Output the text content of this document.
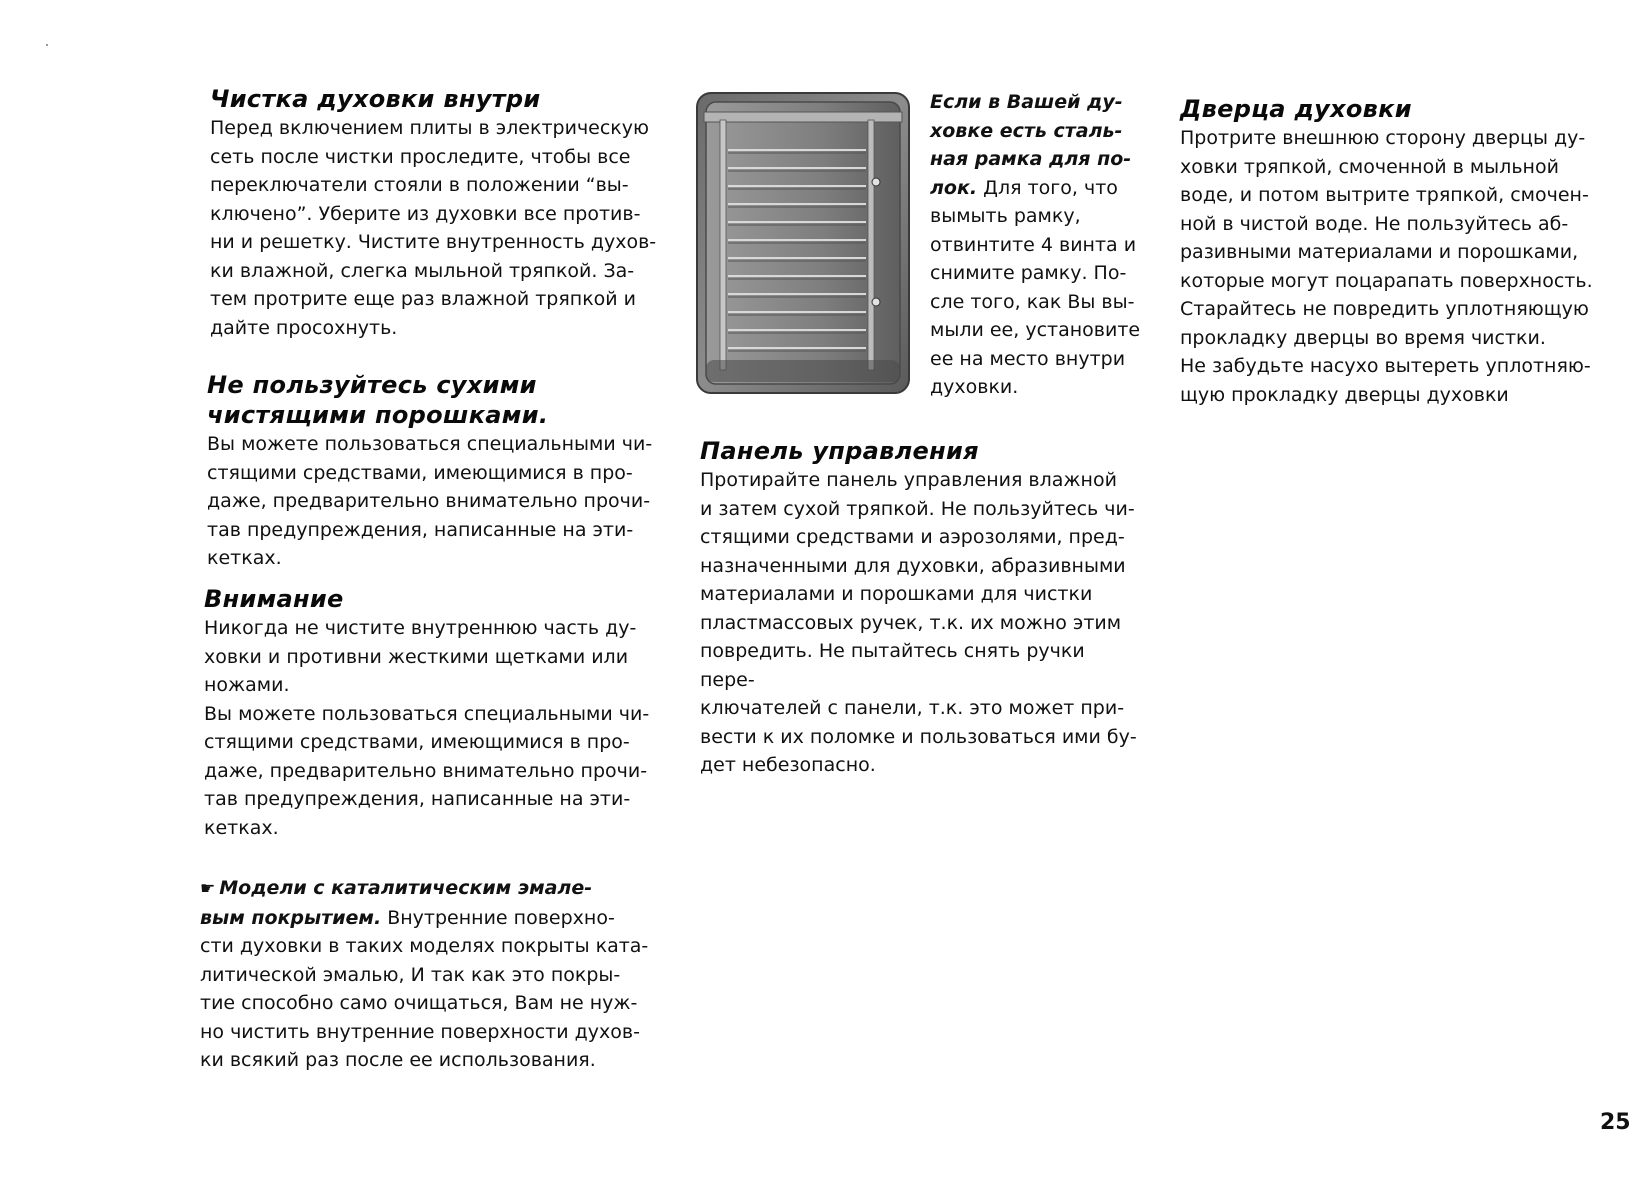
Чистка духовки внутри
Перед включением плиты в электрическую
сеть после чистки проследите, чтобы все
переключатели стояли в положении “вы-
ключено”. Уберите из духовки все против-
ни и решетку. Чистите внутренность духов-
ки влажной, слегка мыльной тряпкой. За-
тем протрите еще раз влажной тряпкой и
дайте просохнуть.
Не пользуйтесь сухими
чистящими порошками.
Вы можете пользоваться специальными чи-
стящими средствами, имеющимися в про-
даже, предварительно внимательно прочи-
тав предупреждения, написанные на эти-
кетках.
Внимание
Никогда не чистите внутреннюю часть ду-
ховки и противни жесткими щетками или
ножами.
Вы можете пользоваться специальными чи-
стящими средствами, имеющимися в про-
даже, предварительно внимательно прочи-
тав предупреждения, написанные на эти-
кетках.
☛ Модели с каталитическим эмале-
вым покрытием. Внутренние поверхно-
сти духовки в таких моделях покрыты ката-
литической эмалью, И так как это покры-
тие способно само очищаться, Вам не нуж-
но чистить внутренние поверхности духов-
ки всякий раз после ее использования.
Если в Вашей ду-
ховке есть сталь-
ная рамка для по-
лок. Для того, что
вымыть рамку,
отвинтите 4 винта и
снимите рамку. По-
сле того, как Вы вы-
мыли ее, установите
ее на место внутри
духовки.
Панель управления
Протирайте панель управления влажной
и затем сухой тряпкой. Не пользуйтесь чи-
стящими средствами и аэрозолями, пред-
назначенными для духовки, абразивными
материалами и порошками для чистки
пластмассовых ручек, т.к. их можно этим
повредить. Не пытайтесь снять ручки пере-
ключателей с панели, т.к. это может при-
вести к их поломке и пользоваться ими бу-
дет небезопасно.
Дверца духовки
Протрите внешнюю сторону дверцы ду-
ховки тряпкой, смоченной в мыльной
воде, и потом вытрите тряпкой, смочен-
ной в чистой воде. Не пользуйтесь аб-
разивными материалами и порошками,
которые могут поцарапать поверхность.
Старайтесь не повредить уплотняющую
прокладку дверцы во время чистки.
Не забудьте насухо вытереть уплотняю-
щую прокладку дверцы духовки
25
